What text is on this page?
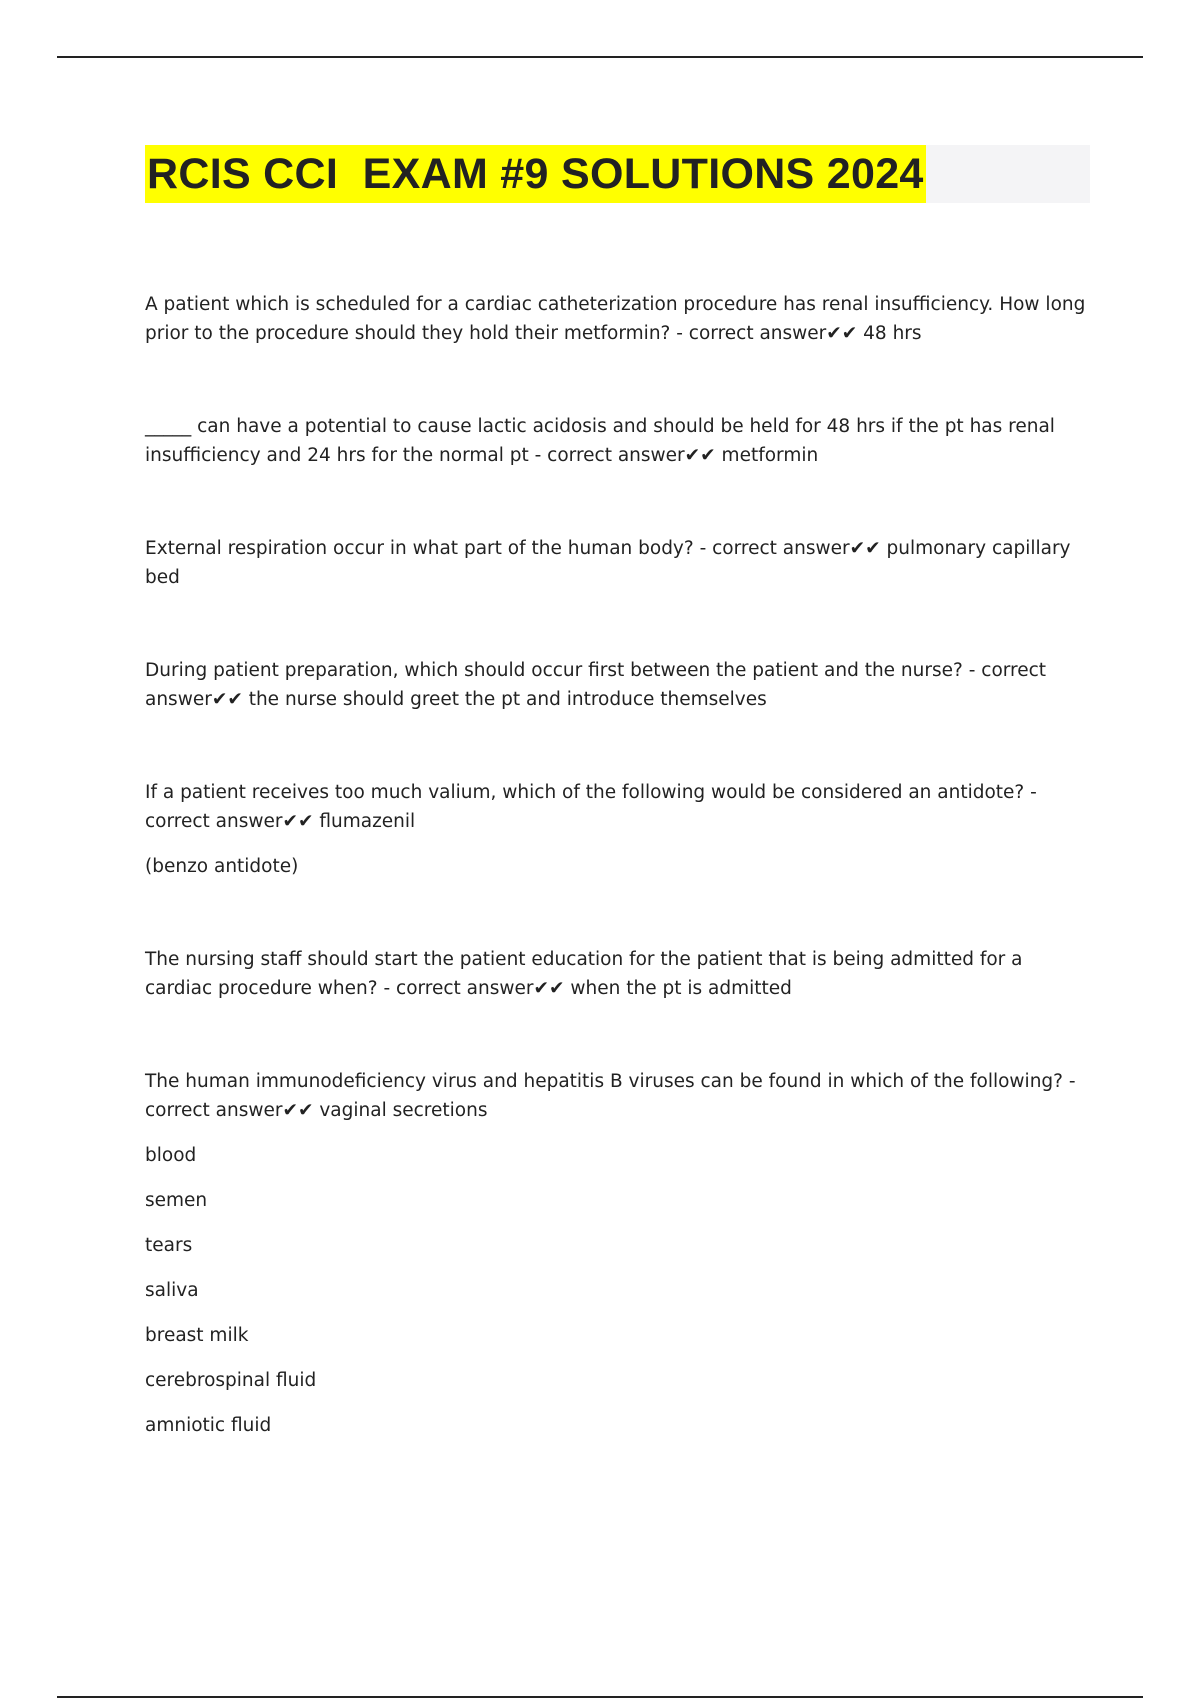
RCIS CCI  EXAM #9 SOLUTIONS 2024

A patient which is scheduled for a cardiac catheterization procedure has renal insufficiency. How long prior to the procedure should they hold their metformin? - correct answer✔✔ 48 hrs

_____ can have a potential to cause lactic acidosis and should be held for 48 hrs if the pt has renal insufficiency and 24 hrs for the normal pt - correct answer✔✔ metformin

External respiration occur in what part of the human body? - correct answer✔✔ pulmonary capillary bed

During patient preparation, which should occur first between the patient and the nurse? - correct answer✔✔ the nurse should greet the pt and introduce themselves

If a patient receives too much valium, which of the following would be considered an antidote? - correct answer✔✔ flumazenil

(benzo antidote)

The nursing staff should start the patient education for the patient that is being admitted for a cardiac procedure when? - correct answer✔✔ when the pt is admitted

The human immunodeficiency virus and hepatitis B viruses can be found in which of the following? - correct answer✔✔ vaginal secretions

blood

semen

tears

saliva

breast milk

cerebrospinal fluid

amniotic fluid
